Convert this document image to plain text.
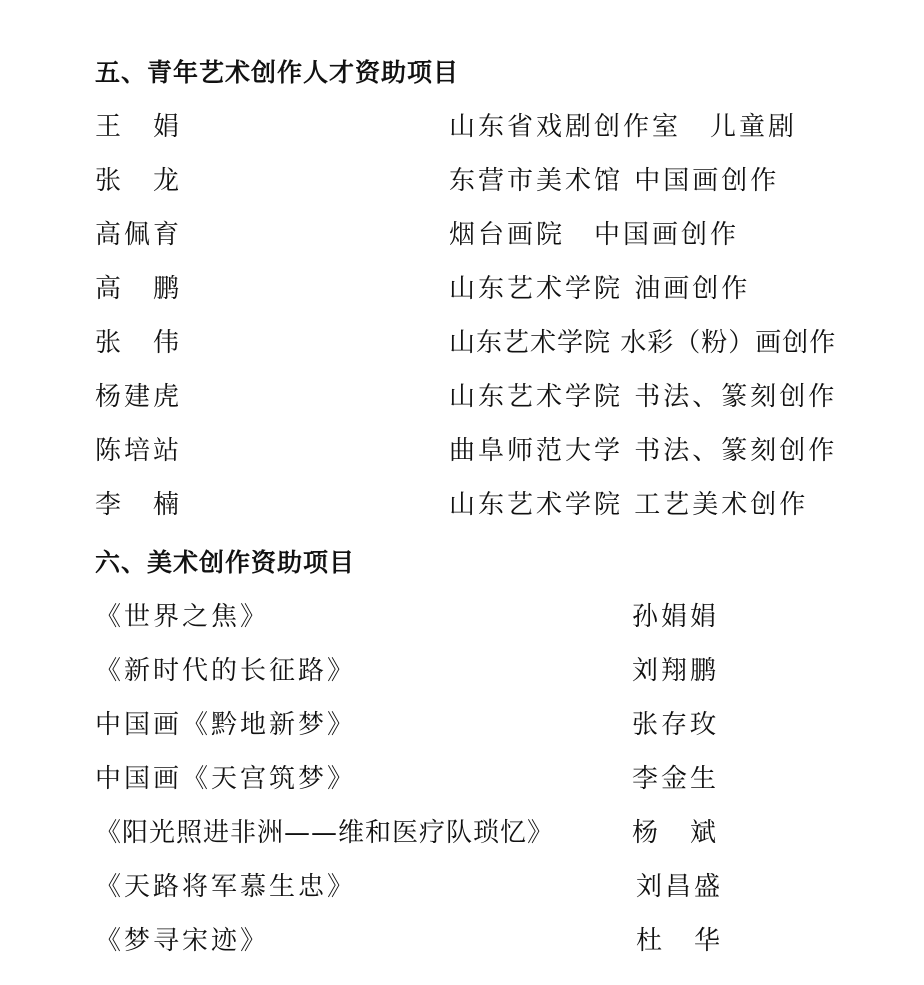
五、青年艺术创作人才资助项目
王　娟	山东省戏剧创作室　儿童剧
张　龙	东营市美术馆 中国画创作
高佩育	烟台画院　中国画创作
高　鹏	山东艺术学院 油画创作
张　伟	山东艺术学院 水彩（粉）画创作
杨建虎	山东艺术学院 书法、篆刻创作
陈培站	曲阜师范大学 书法、篆刻创作
李　楠	山东艺术学院 工艺美术创作
六、美术创作资助项目
《世界之焦》	孙娟娟
《新时代的长征路》	刘翔鹏
中国画《黔地新梦》	张存玫
中国画《天宫筑梦》	李金生
《阳光照进非洲——维和医疗队琐忆》	杨　斌
《天路将军慕生忠》	刘昌盛
《梦寻宋迹》	杜　华
